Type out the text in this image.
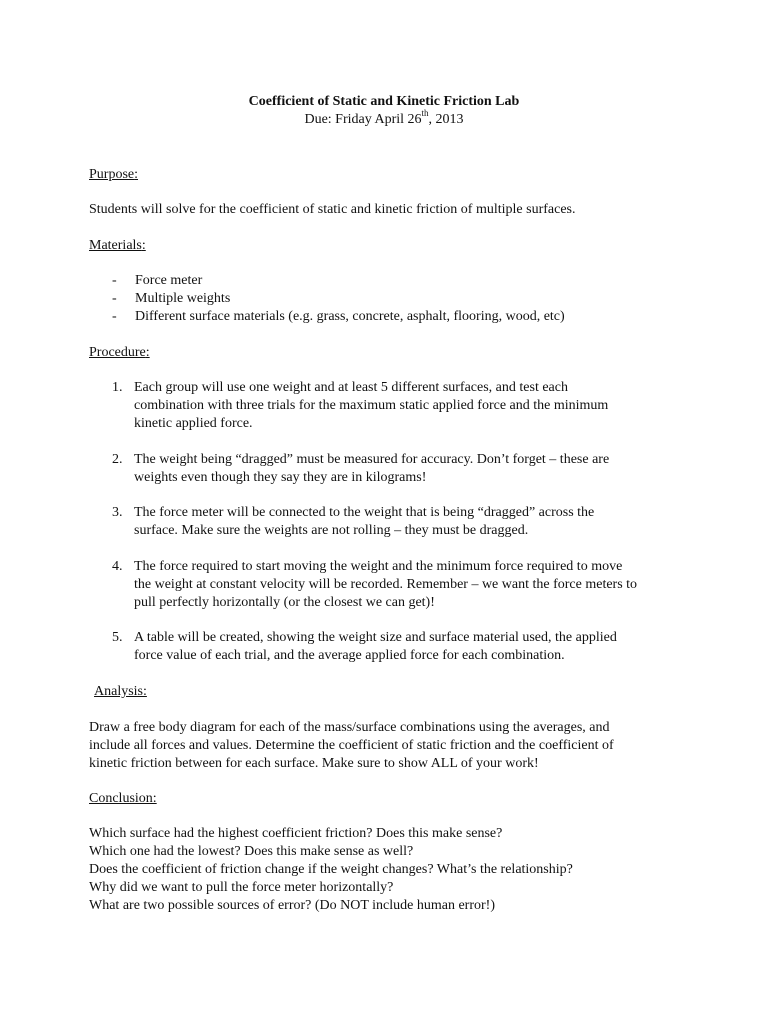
Coefficient of Static and Kinetic Friction Lab
Due: Friday April 26th, 2013
Purpose:
Students will solve for the coefficient of static and kinetic friction of multiple surfaces.
Materials:
- Force meter
- Multiple weights
- Different surface materials (e.g. grass, concrete, asphalt, flooring, wood, etc)
Procedure:
1. Each group will use one weight and at least 5 different surfaces, and test each
combination with three trials for the maximum static applied force and the minimum
kinetic applied force.
2. The weight being “dragged” must be measured for accuracy. Don’t forget – these are
weights even though they say they are in kilograms!
3. The force meter will be connected to the weight that is being “dragged” across the
surface. Make sure the weights are not rolling – they must be dragged.
4. The force required to start moving the weight and the minimum force required to move
the weight at constant velocity will be recorded. Remember – we want the force meters to
pull perfectly horizontally (or the closest we can get)!
5. A table will be created, showing the weight size and surface material used, the applied
force value of each trial, and the average applied force for each combination.
Analysis:
Draw a free body diagram for each of the mass/surface combinations using the averages, and
include all forces and values. Determine the coefficient of static friction and the coefficient of
kinetic friction between for each surface. Make sure to show ALL of your work!
Conclusion:
Which surface had the highest coefficient friction? Does this make sense?
Which one had the lowest? Does this make sense as well?
Does the coefficient of friction change if the weight changes? What’s the relationship?
Why did we want to pull the force meter horizontally?
What are two possible sources of error? (Do NOT include human error!)
